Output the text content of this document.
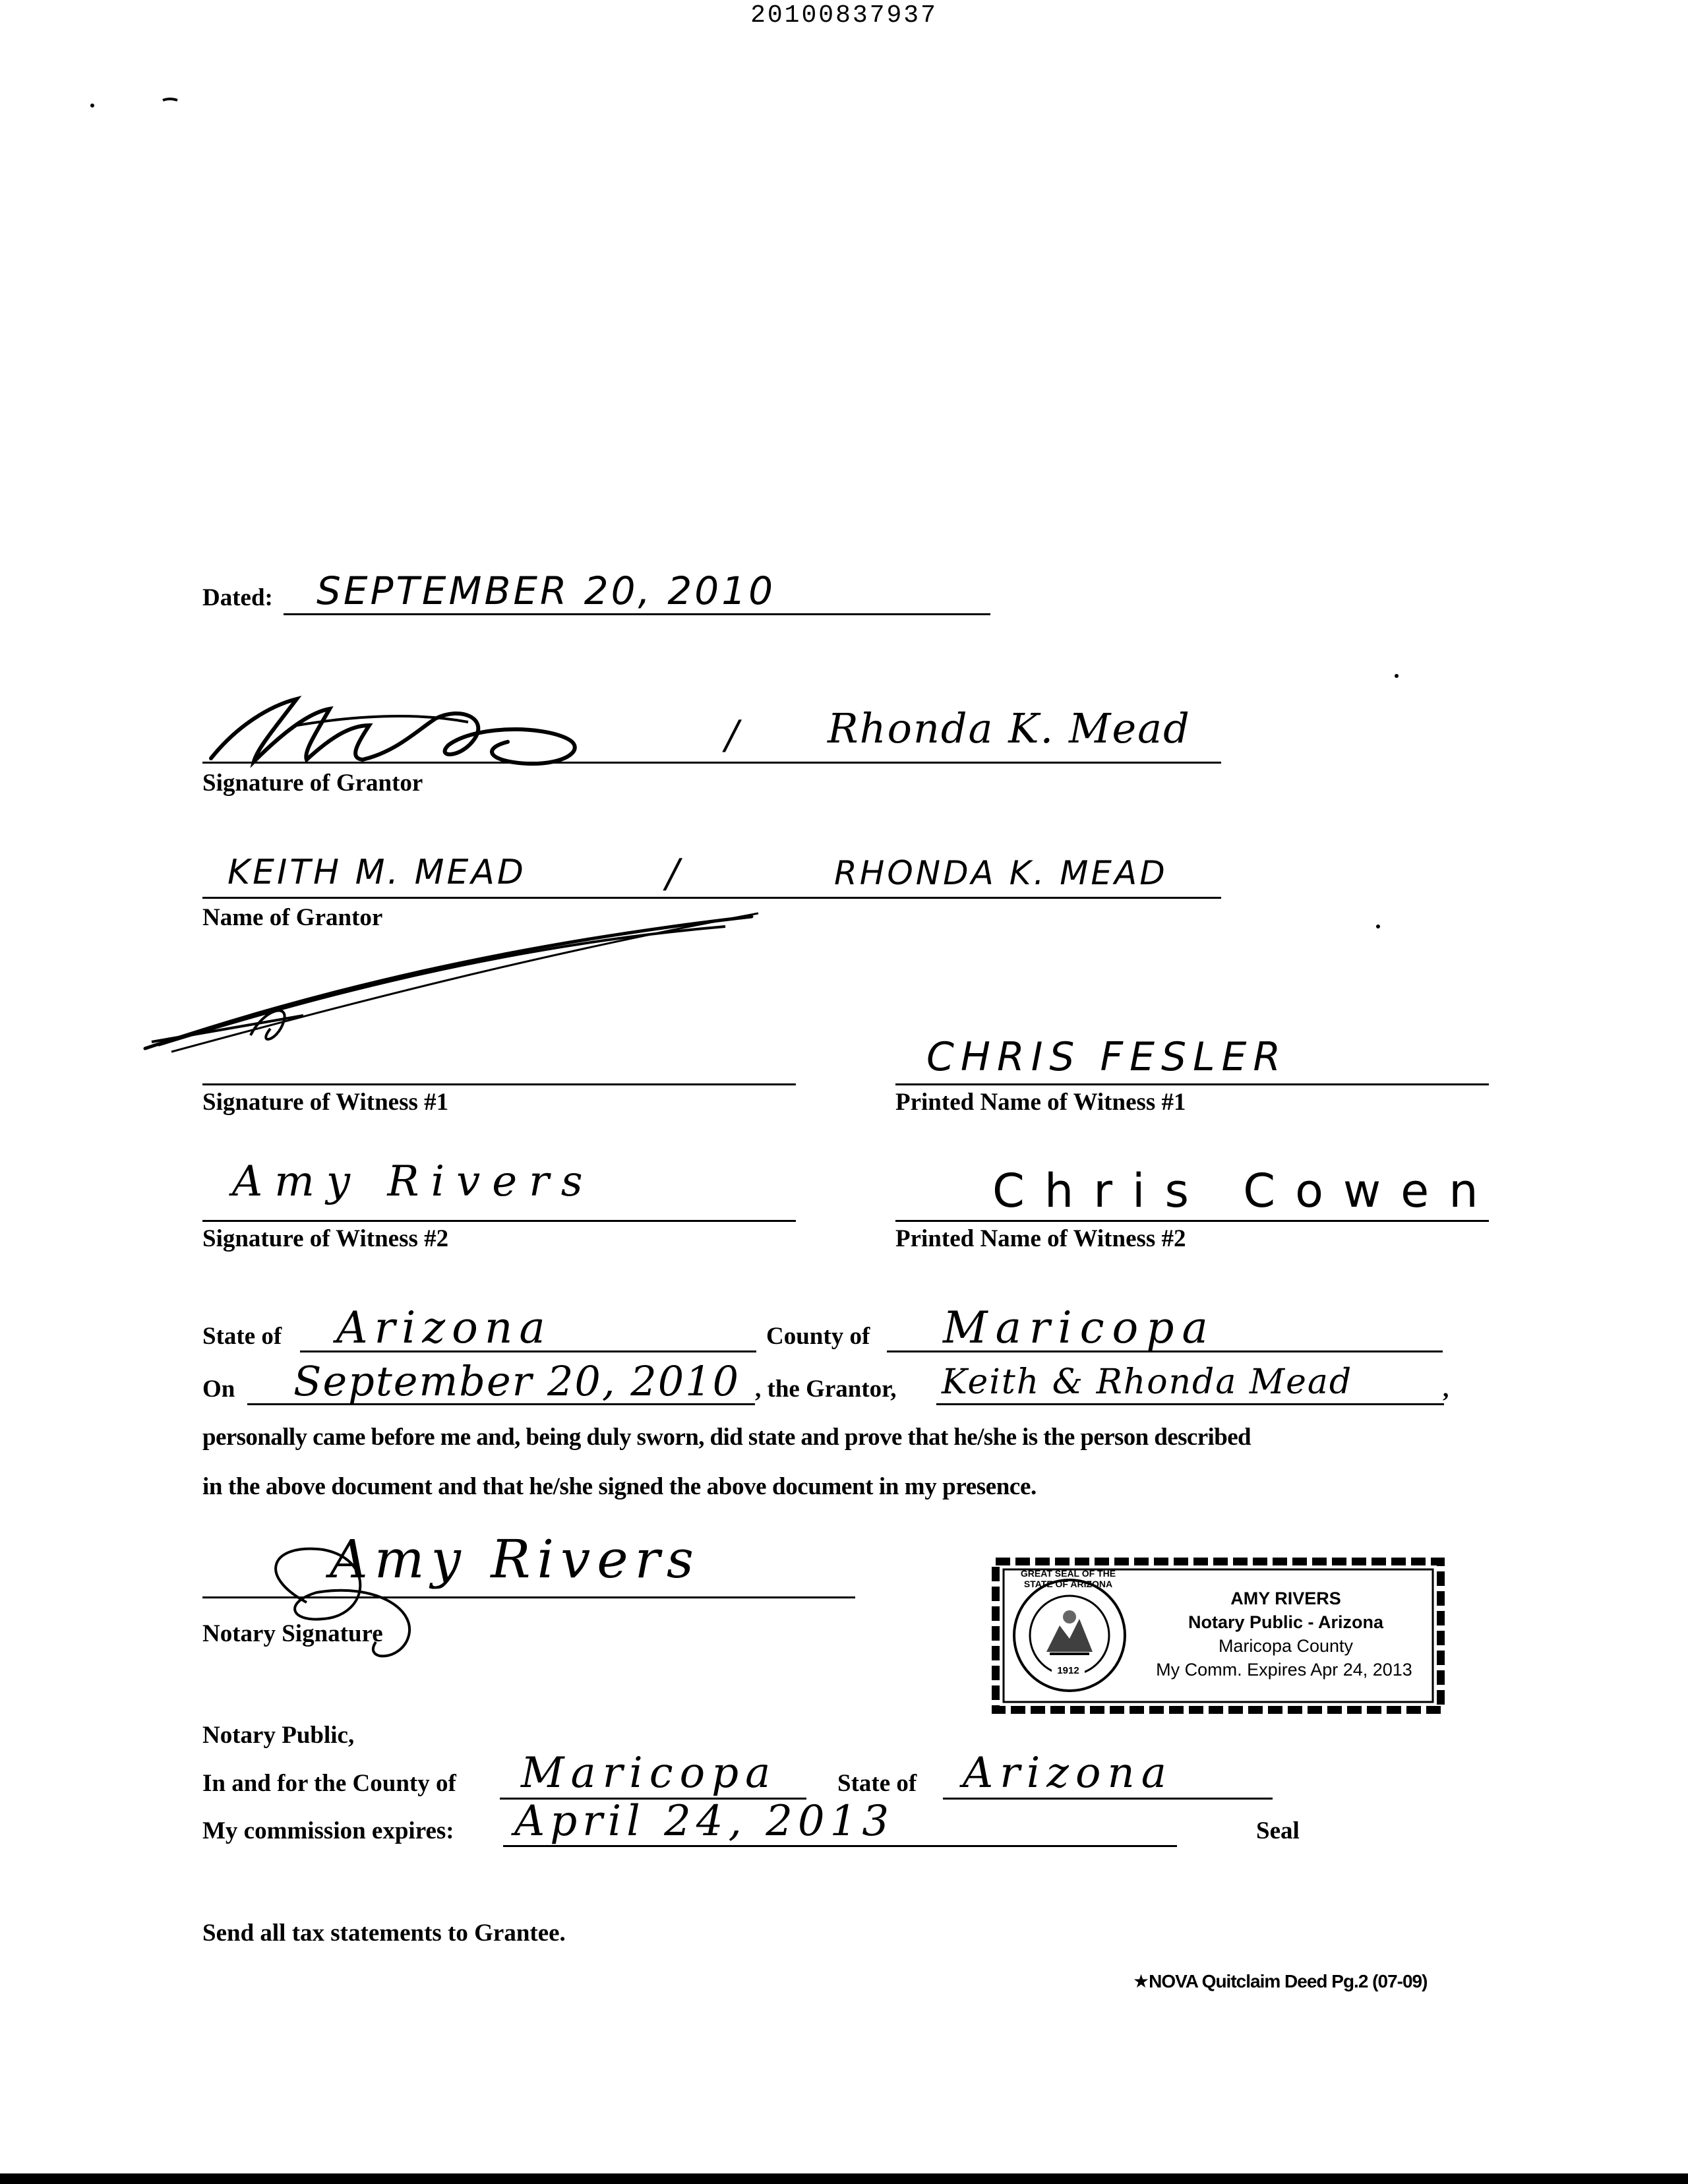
20100837937
Dated: SEPTEMBER 20, 2010
/ Rhonda K. Mead
Signature of Grantor
KEITH M. MEAD	/	RHONDA K. MEAD
Name of Grantor
Signature of Witness #1
CHRIS FESLER
Printed Name of Witness #1
Amy Rivers
Signature of Witness #2
Chris Cowen
Printed Name of Witness #2
State of Arizona	County of Maricopa
On September 20, 2010 , the Grantor, Keith & Rhonda Mead	,
personally came before me and, being duly sworn, did state and prove that he/she is the person described
in the above document and that he/she signed the above document in my presence.
Amy Rivers
Notary Signature
GREAT SEAL OF THE STATE OF ARIZONA
1912
AMY RIVERS
Notary Public - Arizona
Maricopa County
My Comm. Expires Apr 24, 2013
Notary Public,
In and for the County of Maricopa State of Arizona
My commission expires: April 24, 2013	Seal
Send all tax statements to Grantee.
★NOVA Quitclaim Deed Pg.2 (07-09)
